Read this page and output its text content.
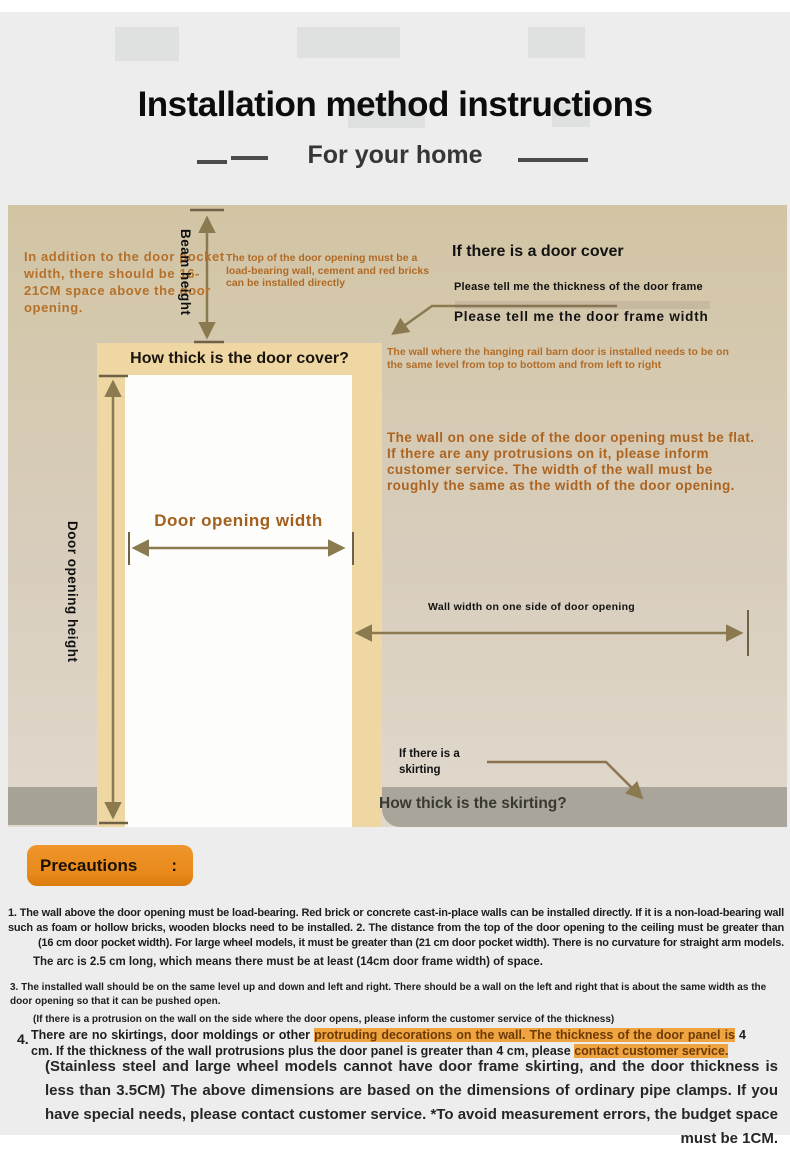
Installation method instructions
For your home

In addition to the door pocket width, there should be 16-21CM space above the door opening.	Beam height	The top of the door opening must be a load-bearing wall, cement and red bricks can be installed directly

If there is a door cover

Please tell me the thickness of the door frame

Please tell me the door frame width

The wall where the hanging rail barn door is installed needs to be on the same level from top to bottom and from left to right

How thick is the door cover?

The wall on one side of the door opening must be flat. If there are any protrusions on it, please inform customer service. The width of the wall must be roughly the same as the width of the door opening.

Door opening width

Door opening height	Wall width on one side of door opening

If there is a skirting

How thick is the skirting?

Precautions :

1. The wall above the door opening must be load-bearing. Red brick or concrete cast-in-place walls can be installed directly. If it is a non-load-bearing wall such as foam or hollow bricks, wooden blocks need to be installed. 2. The distance from the top of the door opening to the ceiling must be greater than (16 cm door pocket width). For large wheel models, it must be greater than (21 cm door pocket width). There is no curvature for straight arm models.

The arc is 2.5 cm long, which means there must be at least (14cm door frame width) of space.

3. The installed wall should be on the same level up and down and left and right. There should be a wall on the left and right that is about the same width as the door opening so that it can be pushed open.

(If there is a protrusion on the wall on the side where the door opens, please inform the customer service of the thickness)

4. There are no skirtings, door moldings or other protruding decorations on the wall. The thickness of the door panel is 4 cm. If the thickness of the wall protrusions plus the door panel is greater than 4 cm, please contact customer service.

(Stainless steel and large wheel models cannot have door frame skirting, and the door thickness is less than 3.5CM) The above dimensions are based on the dimensions of ordinary pipe clamps. If you have special needs, please contact customer service. *To avoid measurement errors, the budget space must be 1CM.
